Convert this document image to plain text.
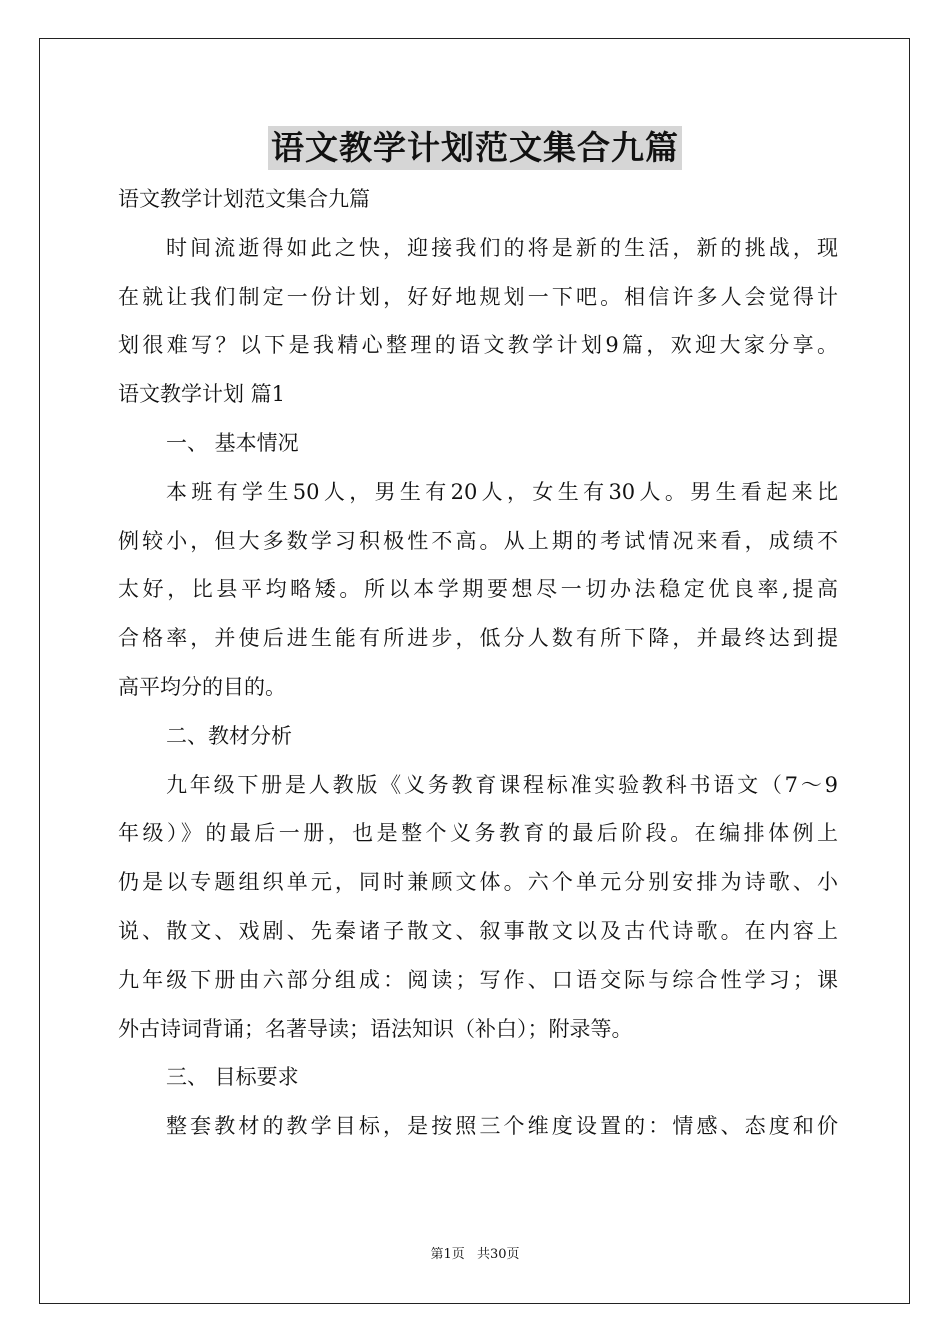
语文教学计划范文集合九篇
语文教学计划范文集合九篇
时间流逝得如此之快，迎接我们的将是新的生活，新的挑战，现
在就让我们制定一份计划，好好地规划一下吧。相信许多人会觉得计
划很难写？以下是我精心整理的语文教学计划9篇，欢迎大家分享。
语文教学计划 篇1
一、 基本情况
本班有学生50人，男生有20人，女生有30人。男生看起来比
例较小，但大多数学习积极性不高。从上期的考试情况来看，成绩不
太好，比县平均略矮。所以本学期要想尽一切办法稳定优良率,提高
合格率，并使后进生能有所进步，低分人数有所下降，并最终达到提
高平均分的目的。
二、教材分析
九年级下册是人教版《义务教育课程标准实验教科书语文（7～9
年级）》的最后一册，也是整个义务教育的最后阶段。在编排体例上
仍是以专题组织单元，同时兼顾文体。六个单元分别安排为诗歌、小
说、散文、戏剧、先秦诸子散文、叙事散文以及古代诗歌。在内容上
九年级下册由六部分组成：阅读；写作、口语交际与综合性学习；课
外古诗词背诵；名著导读；语法知识（补白）；附录等。
三、 目标要求
整套教材的教学目标，是按照三个维度设置的：情感、态度和价
第1页 共30页
